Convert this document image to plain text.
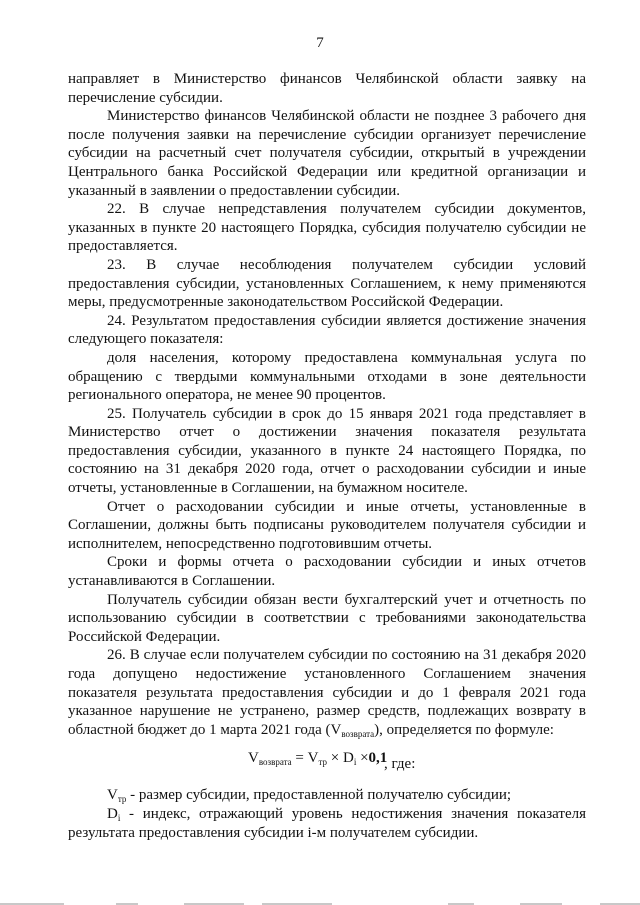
7

направляет в Министерство финансов Челябинской области заявку на перечисление субсидии.

Министерство финансов Челябинской области не позднее 3 рабочего дня после получения заявки на перечисление субсидии организует перечисление субсидии на расчетный счет получателя субсидии, открытый в учреждении Центрального банка Российской Федерации или кредитной организации и указанный в заявлении о предоставлении субсидии.

22. В случае непредставления получателем субсидии документов, указанных в пункте 20 настоящего Порядка, субсидия получателю субсидии не предоставляется.

23. В случае несоблюдения получателем субсидии условий предоставления субсидии, установленных Соглашением, к нему применяются меры, предусмотренные законодательством Российской Федерации.

24. Результатом предоставления субсидии является достижение значения следующего показателя:

доля населения, которому предоставлена коммунальная услуга по обращению с твердыми коммунальными отходами в зоне деятельности регионального оператора, не менее 90 процентов.

25. Получатель субсидии в срок до 15 января 2021 года представляет в Министерство отчет о достижении значения показателя результата предоставления субсидии, указанного в пункте 24 настоящего Порядка, по состоянию на 31 декабря 2020 года, отчет о расходовании субсидии и иные отчеты, установленные в Соглашении, на бумажном носителе.

Отчет о расходовании субсидии и иные отчеты, установленные в Соглашении, должны быть подписаны руководителем получателя субсидии и исполнителем, непосредственно подготовившим отчеты.

Сроки и формы отчета о расходовании субсидии и иных отчетов устанавливаются в Соглашении.

Получатель субсидии обязан вести бухгалтерский учет и отчетность по использованию субсидии в соответствии с требованиями законодательства Российской Федерации.

26. В случае если получателем субсидии по состоянию на 31 декабря 2020 года допущено недостижение установленного Соглашением значения показателя результата предоставления субсидии и до 1 февраля 2021 года указанное нарушение не устранено, размер средств, подлежащих возврату в областной бюджет до 1 марта 2021 года $(V_{возврата})$, определяется по формуле:

$V_{возврата} = V_{тр} \times D_i \times 0,1$
, где:

$V_{тр}$ - размер субсидии, предоставленной получателю субсидии;

$D_i$ - индекс, отражающий уровень недостижения значения показателя результата предоставления субсидии i-м получателем субсидии.
